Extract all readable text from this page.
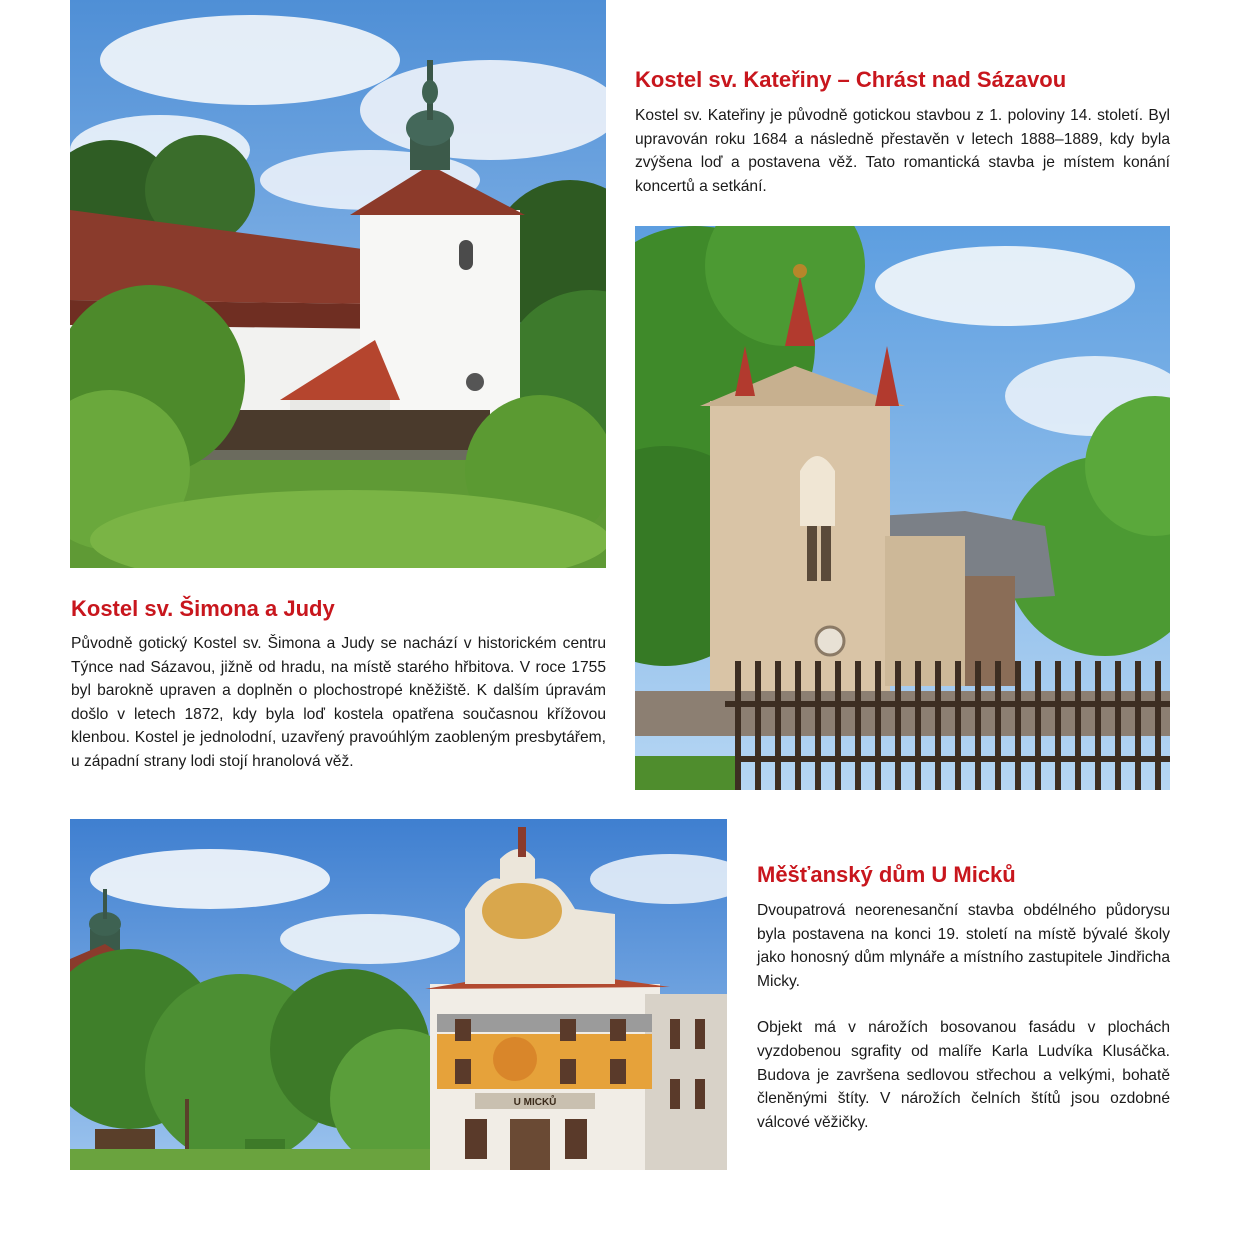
U MICKŮ
Kostel sv. Kateřiny – Chrást nad Sázavou

Kostel sv. Kateřiny je původně gotickou stavbou z 1. poloviny 14. století. Byl upravován roku 1684 a následně přestavěn v letech 1888–1889, kdy byla zvýšena loď a postavena věž. Tato romantická stavba je místem konání koncertů a setkání.

Kostel sv. Šimona a Judy

Původně gotický Kostel sv. Šimona a Judy se nachází v historickém centru Týnce nad Sázavou, jižně od hradu, na místě starého hřbitova. V roce 1755 byl barokně upraven a doplněn o plochostropé kněžiště. K dalším úpravám došlo v letech 1872, kdy byla loď kostela opatřena současnou křížovou klenbou. Kostel je jednolodní, uzavřený pravoúhlým zaobleným presbytářem, u západní strany lodi stojí hranolová věž.

Měšťanský dům U Micků

Dvoupatrová neorenesanční stavba obdélného půdorysu byla postavena na konci 19. století na místě bývalé školy jako honosný dům mlynáře a místního zastupitele Jindřicha Micky.

Objekt má v nárožích bosovanou fasádu v plochách vyzdobenou sgrafity od malíře Karla Ludvíka Klusáčka. Budova je završena sedlovou střechou a velkými, bohatě členěnými štíty. V nárožích čelních štítů jsou ozdobné válcové věžičky.
